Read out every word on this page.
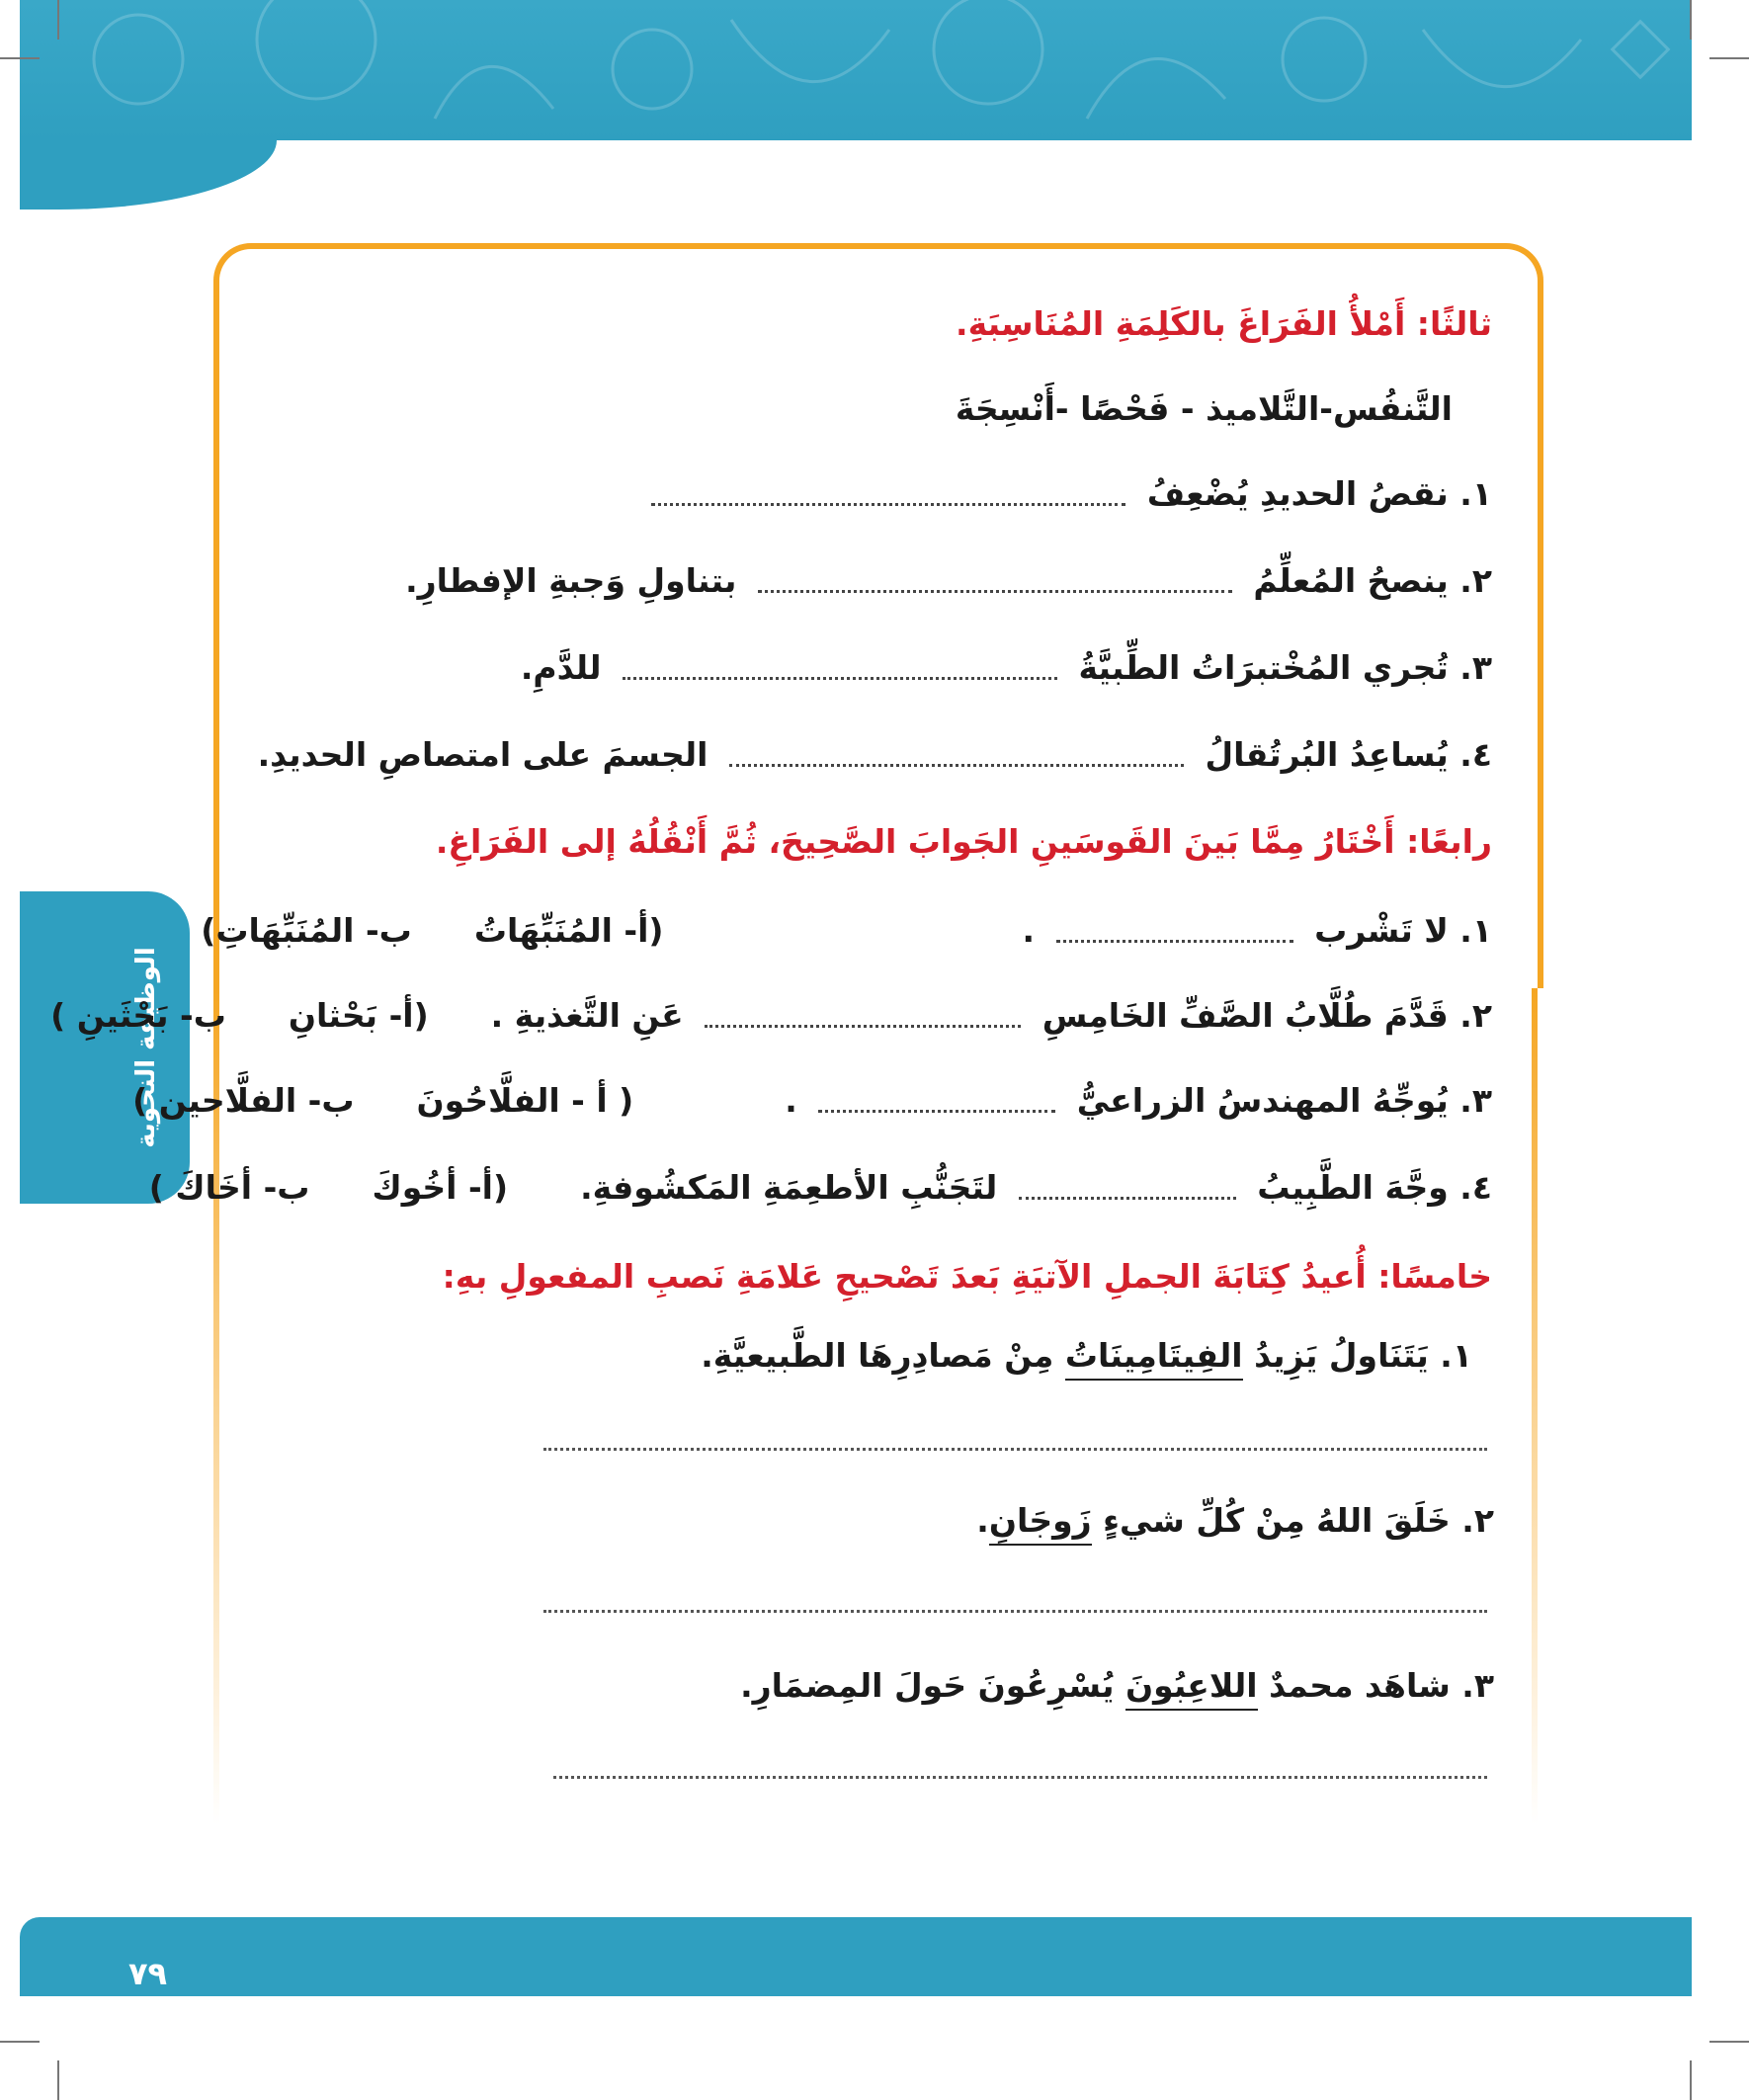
الوظيفة النحوية
ثالثًا: أَمْلأُ الفَرَاغَ بالكَلِمَةِ المُنَاسِبَةِ.
التَّنفُس-التَّلاميذ - فَحْصًا -أَنْسِجَةَ
١. نقصُ الحديدِ يُضْعِفُ
٢. ينصحُ المُعلِّمُ  بتناولِ وَجبةِ الإفطارِ.
٣. تُجري المُخْتبرَاتُ الطِّبيَّةُ  للدَّمِ.
٤. يُساعِدُ البُرتُقالُ  الجسمَ على امتصاصِ الحديدِ.
رابعًا: أَخْتَارُ مِمَّا بَينَ القَوسَينِ الجَوابَ الصَّحِيحَ، ثُمَّ أَنْقُلُهُ إلى الفَرَاغِ.
١. لا تَشْرب  .  (أ- المُنَبِّهَاتُ  ب- المُنَبِّهَاتِ)
٢. قَدَّمَ طُلَّابُ الصَّفِّ الخَامِسِ  عَنِ التَّغذيةِ .  (أ- بَحْثانِ  ب- بَحْثَينِ )
٣. يُوجِّهُ المهندسُ الزراعيُّ  .  ( أ - الفلَّاحُونَ  ب- الفلَّاحين )
٤. وجَّهَ الطَّبِيبُ  لتَجَنُّبِ الأطعِمَةِ المَكشُوفةِ.  (أ- أخُوكَ  ب- أخَاكَ )
خامسًا: أُعيدُ كِتَابَةَ الجملِ الآتيَةِ بَعدَ تَصْحيحِ عَلامَةِ نَصبِ المفعولِ بهِ:
١. يَتَنَاولُ يَزِيدُ الفِيتَامِينَاتُ مِنْ مَصادِرِهَا الطَّبيعيَّةِ.
٢. خَلَقَ اللهُ مِنْ كُلِّ شيءٍ زَوجَانِ.
٣. شاهَد محمدٌ اللاعِبُونَ يُسْرِعُونَ حَولَ المِضمَارِ.
٧٩
